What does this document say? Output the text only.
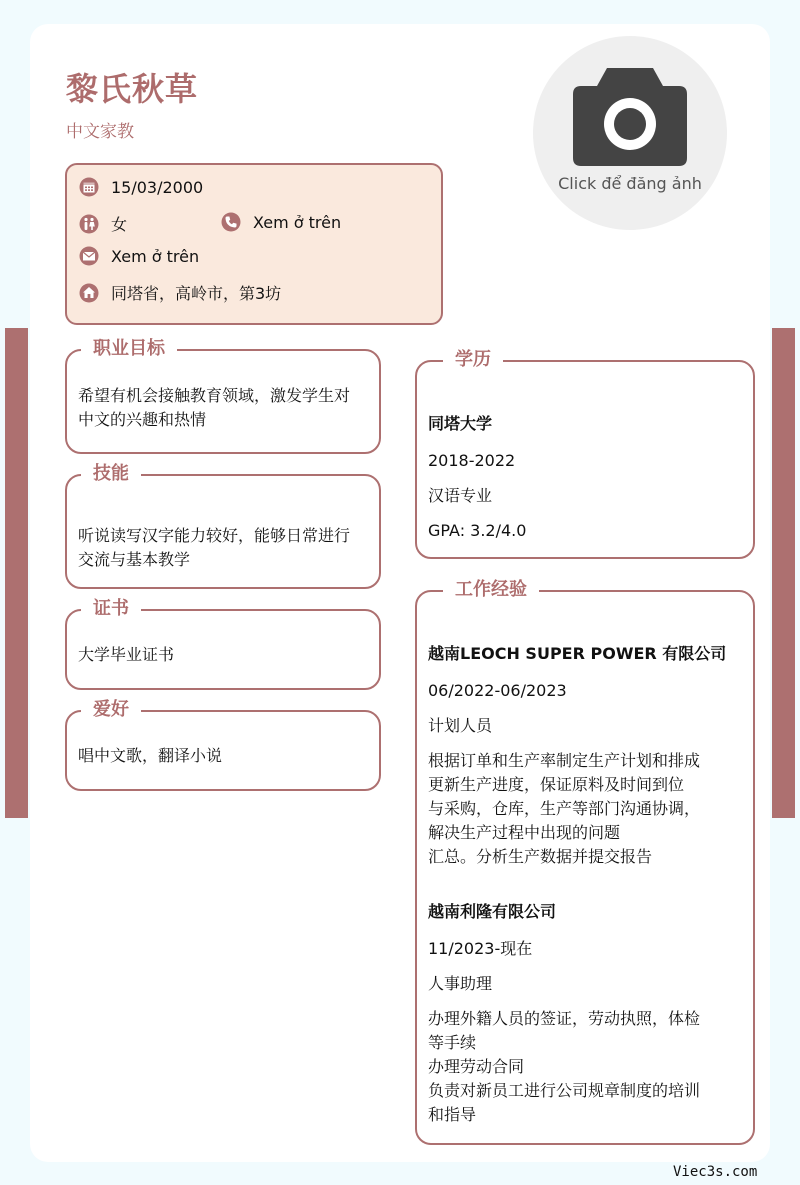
黎氏秋草
中文家教
Click để đăng ảnh
15/03/2000
女	Xem ở trên
Xem ở trên
同塔省，高岭市，第3坊
职业目标
希望有机会接触教育领域，激发学生对
中文的兴趣和热情
技能
听说读写汉字能力较好，能够日常进行
交流与基本教学
证书
大学毕业证书
爱好
唱中文歌，翻译小说
学历
同塔大学
2018-2022
汉语专业
GPA: 3.2/4.0
工作经验
越南LEOCH SUPER POWER 有限公司
06/2022-06/2023
计划人员
根据订单和生产率制定生产计划和排成
更新生产进度，保证原料及时间到位
与采购，仓库，生产等部门沟通协调，
解决生产过程中出现的问题
汇总。分析生产数据并提交报告
越南利隆有限公司
11/2023-现在
人事助理
办理外籍人员的签证，劳动执照，体检
等手续
办理劳动合同
负责对新员工进行公司规章制度的培训
和指导
Viec3s.com
